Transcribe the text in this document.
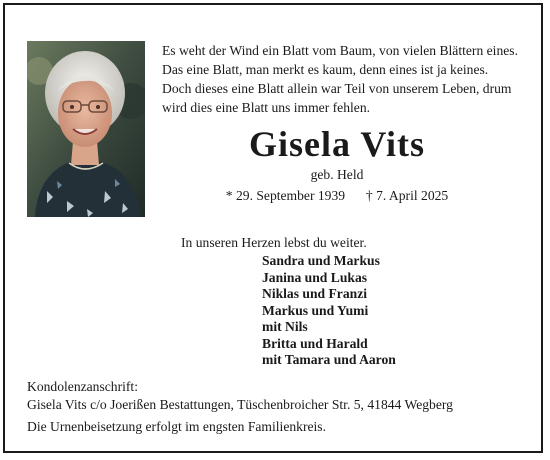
Es weht der Wind ein Blatt vom Baum, von vielen Blättern eines.
Das eine Blatt, man merkt es kaum, denn eines ist ja keines.
Doch dieses eine Blatt allein war Teil von unserem Leben, drum
wird dies eine Blatt uns immer fehlen.
Gisela Vits
geb. Held
* 29. September 1939 † 7. April 2025
In unseren Herzen lebst du weiter.
Sandra und Markus
Janina und Lukas
Niklas und Franzi
Markus und Yumi
mit Nils
Britta und Harald
mit Tamara und Aaron
Kondolenzanschrift:
Gisela Vits c/o Joerißen Bestattungen, Tüschenbroicher Str. 5, 41844 Wegberg
Die Urnenbeisetzung erfolgt im engsten Familienkreis.
